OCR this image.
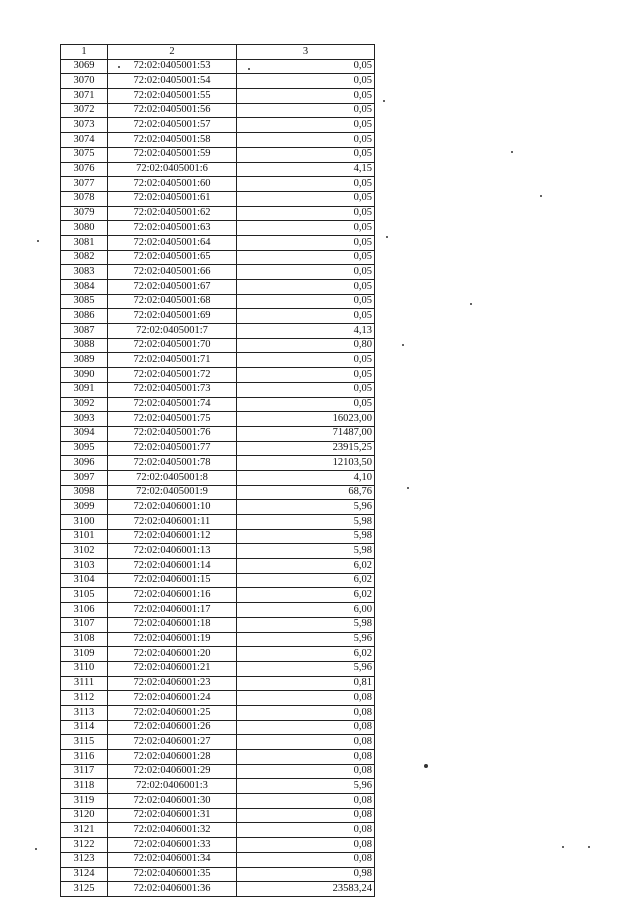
1	2	3
3069	72:02:0405001:53	0,05
3070	72:02:0405001:54	0,05
3071	72:02:0405001:55	0,05
3072	72:02:0405001:56	0,05
3073	72:02:0405001:57	0,05
3074	72:02:0405001:58	0,05
3075	72:02:0405001:59	0,05
3076	72:02:0405001:6	4,15
3077	72:02:0405001:60	0,05
3078	72:02:0405001:61	0,05
3079	72:02:0405001:62	0,05
3080	72:02:0405001:63	0,05
3081	72:02:0405001:64	0,05
3082	72:02:0405001:65	0,05
3083	72:02:0405001:66	0,05
3084	72:02:0405001:67	0,05
3085	72:02:0405001:68	0,05
3086	72:02:0405001:69	0,05
3087	72:02:0405001:7	4,13
3088	72:02:0405001:70	0,80
3089	72:02:0405001:71	0,05
3090	72:02:0405001:72	0,05
3091	72:02:0405001:73	0,05
3092	72:02:0405001:74	0,05
3093	72:02:0405001:75	16023,00
3094	72:02:0405001:76	71487,00
3095	72:02:0405001:77	23915,25
3096	72:02:0405001:78	12103,50
3097	72:02:0405001:8	4,10
3098	72:02:0405001:9	68,76
3099	72:02:0406001:10	5,96
3100	72:02:0406001:11	5,98
3101	72:02:0406001:12	5,98
3102	72:02:0406001:13	5,98
3103	72:02:0406001:14	6,02
3104	72:02:0406001:15	6,02
3105	72:02:0406001:16	6,02
3106	72:02:0406001:17	6,00
3107	72:02:0406001:18	5,98
3108	72:02:0406001:19	5,96
3109	72:02:0406001:20	6,02
3110	72:02:0406001:21	5,96
3111	72:02:0406001:23	0,81
3112	72:02:0406001:24	0,08
3113	72:02:0406001:25	0,08
3114	72:02:0406001:26	0,08
3115	72:02:0406001:27	0,08
3116	72:02:0406001:28	0,08
3117	72:02:0406001:29	0,08
3118	72:02:0406001:3	5,96
3119	72:02:0406001:30	0,08
3120	72:02:0406001:31	0,08
3121	72:02:0406001:32	0,08
3122	72:02:0406001:33	0,08
3123	72:02:0406001:34	0,08
3124	72:02:0406001:35	0,98
3125	72:02:0406001:36	23583,24
